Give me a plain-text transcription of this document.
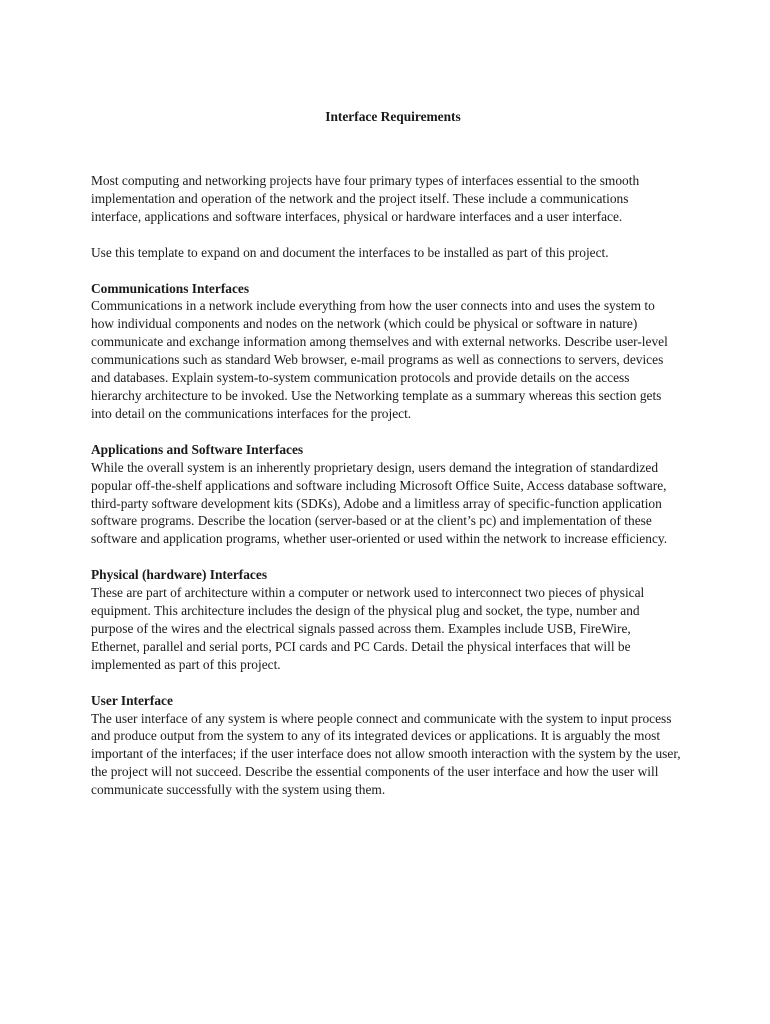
Interface Requirements

Most computing and networking projects have four primary types of interfaces essential to the smooth implementation and operation of the network and the project itself. These include a communications interface, applications and software interfaces, physical or hardware interfaces and a user interface.

Use this template to expand on and document the interfaces to be installed as part of this project.

Communications Interfaces

Communications in a network include everything from how the user connects into and uses the system to how individual components and nodes on the network (which could be physical or software in nature) communicate and exchange information among themselves and with external networks. Describe user-level communications such as standard Web browser, e-mail programs as well as connections to servers, devices and databases. Explain system-to-system communication protocols and provide details on the access hierarchy architecture to be invoked. Use the Networking template as a summary whereas this section gets into detail on the communications interfaces for the project.

Applications and Software Interfaces

While the overall system is an inherently proprietary design, users demand the integration of standardized popular off-the-shelf applications and software including Microsoft Office Suite, Access database software, third-party software development kits (SDKs), Adobe and a limitless array of specific-function application software programs. Describe the location (server-based or at the client’s pc) and implementation of these software and application programs, whether user-oriented or used within the network to increase efficiency.

Physical (hardware) Interfaces

These are part of architecture within a computer or network used to interconnect two pieces of physical equipment. This architecture includes the design of the physical plug and socket, the type, number and purpose of the wires and the electrical signals passed across them. Examples include USB, FireWire, Ethernet, parallel and serial ports, PCI cards and PC Cards. Detail the physical interfaces that will be implemented as part of this project.

User Interface

The user interface of any system is where people connect and communicate with the system to input process and produce output from the system to any of its integrated devices or applications. It is arguably the most important of the interfaces; if the user interface does not allow smooth interaction with the system by the user, the project will not succeed. Describe the essential components of the user interface and how the user will communicate successfully with the system using them.
